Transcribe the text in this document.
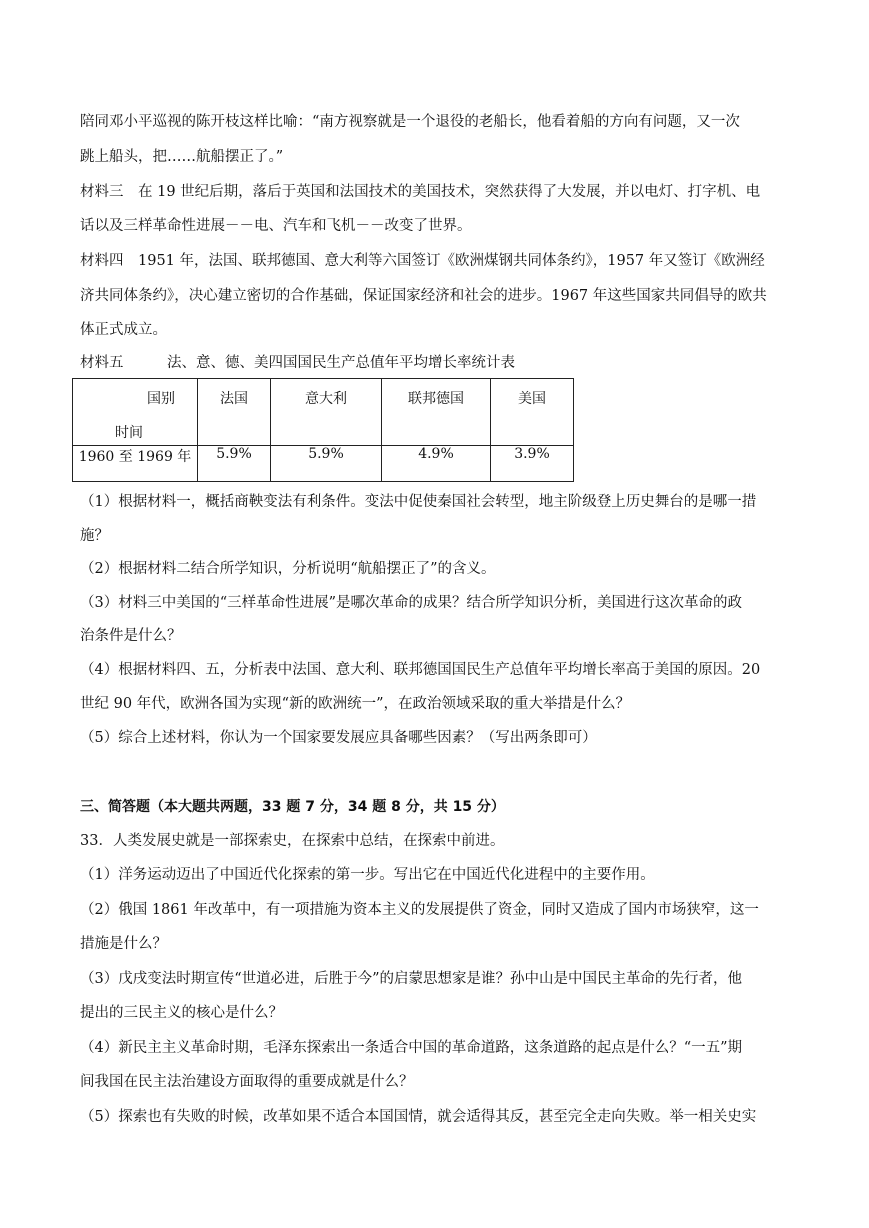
陪同邓小平巡视的陈开枝这样比喻：“南方视察就是一个退役的老船长，他看着船的方向有问题，又一次
跳上船头，把……航船摆正了。”
材料三　在 19 世纪后期，落后于英国和法国技术的美国技术，突然获得了大发展，并以电灯、打字机、电
话以及三样革命性进展－－电、汽车和飞机－－改变了世界。
材料四　1951 年，法国、联邦德国、意大利等六国签订《欧洲煤钢共同体条约》，1957 年又签订《欧洲经
济共同体条约》，决心建立密切的合作基础，保证国家经济和社会的进步。1967 年这些国家共同倡导的欧共
体正式成立。
材料五　　　法、意、德、美四国国民生产总值年平均增长率统计表
国别
时间	法国	意大利	联邦德国	美国
1960 至 1969 年	5.9%	5.9%	4.9%	3.9%
（1）根据材料一，概括商鞅变法有利条件。变法中促使秦国社会转型，地主阶级登上历史舞台的是哪一措
施？
（2）根据材料二结合所学知识，分析说明“航船摆正了”的含义。
（3）材料三中美国的“三样革命性进展”是哪次革命的成果？结合所学知识分析，美国进行这次革命的政
治条件是什么？
（4）根据材料四、五，分析表中法国、意大利、联邦德国国民生产总值年平均增长率高于美国的原因。20
世纪 90 年代，欧洲各国为实现“新的欧洲统一”，在政治领域采取的重大举措是什么？
（5）综合上述材料，你认为一个国家要发展应具备哪些因素？（写出两条即可）
三、简答题（本大题共两题，33 题 7 分，34 题 8 分，共 15 分）
33．人类发展史就是一部探索史，在探索中总结，在探索中前进。
（1）洋务运动迈出了中国近代化探索的第一步。写出它在中国近代化进程中的主要作用。
（2）俄国 1861 年改革中，有一项措施为资本主义的发展提供了资金，同时又造成了国内市场狭窄，这一
措施是什么？
（3）戊戌变法时期宣传“世道必进，后胜于今”的启蒙思想家是谁？孙中山是中国民主革命的先行者，他
提出的三民主义的核心是什么？
（4）新民主主义革命时期，毛泽东探索出一条适合中国的革命道路，这条道路的起点是什么？“一五”期
间我国在民主法治建设方面取得的重要成就是什么？
（5）探索也有失败的时候，改革如果不适合本国国情，就会适得其反，甚至完全走向失败。举一相关史实
